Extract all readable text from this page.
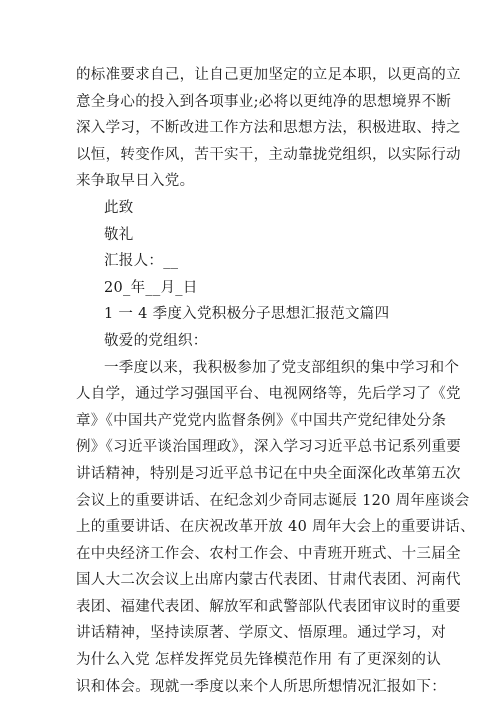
的标准要求自己，让自己更加坚定的立足本职，以更高的立
意全身心的投入到各项事业;必将以更纯净的思想境界不断
深入学习，不断改进工作方法和思想方法，积极进取、持之
以恒，转变作风，苦干实干，主动靠拢党组织，以实际行动
来争取早日入党。
此致
敬礼
汇报人：__
20_年__月_日
1 一 4 季度入党积极分子思想汇报范文篇四
敬爱的党组织：
一季度以来，我积极参加了党支部组织的集中学习和个
人自学，通过学习强国平台、电视网络等，先后学习了《党
章》《中国共产党党内监督条例》《中国共产党纪律处分条
例》《习近平谈治国理政》，深入学习习近平总书记系列重要
讲话精神，特别是习近平总书记在中央全面深化改革第五次
会议上的重要讲话、在纪念刘少奇同志诞辰 120 周年座谈会
上的重要讲话、在庆祝改革开放 40 周年大会上的重要讲话、
在中央经济工作会、农村工作会、中青班开班式、十三届全
国人大二次会议上出席内蒙古代表团、甘肃代表团、河南代
表团、福建代表团、解放军和武警部队代表团审议时的重要
讲话精神，坚持读原著、学原文、悟原理。通过学习，对
为什么入党 怎样发挥党员先锋模范作用 有了更深刻的认
识和体会。现就一季度以来个人所思所想情况汇报如下：
